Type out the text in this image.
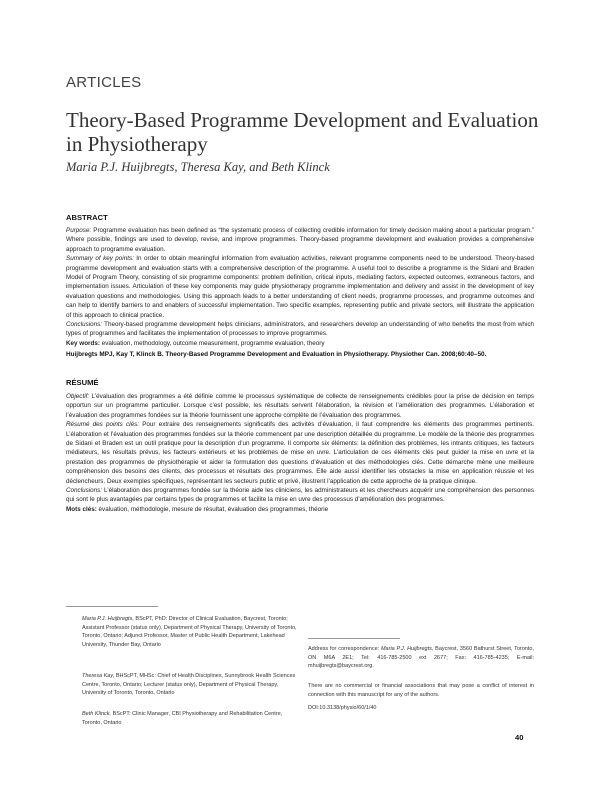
ARTICLES
Theory-Based Programme Development and Evaluation in Physiotherapy
Maria P.J. Huijbregts, Theresa Kay, and Beth Klinck
ABSTRACT

Purpose: Programme evaluation has been defined as “the systematic process of collecting credible information for timely decision making about a particular program.” Where possible, findings are used to develop, revise, and improve programmes. Theory-based programme development and evaluation provides a comprehensive approach to programme evaluation.

Summary of key points: In order to obtain meaningful information from evaluation activities, relevant programme components need to be understood. Theory-based programme development and evaluation starts with a comprehensive description of the programme. A useful tool to describe a programme is the Sidani and Braden Model of Program Theory, consisting of six programme components: problem definition, critical inputs, mediating factors, expected outcomes, extraneous factors, and implementation issues. Articulation of these key components may guide physiotherapy programme implementation and delivery and assist in the development of key evaluation questions and methodologies. Using this approach leads to a better understanding of client needs, programme processes, and programme outcomes and can help to identify barriers to and enablers of successful implementation. Two specific examples, representing public and private sectors, will illustrate the application of this approach to clinical practice.

Conclusions: Theory-based programme development helps clinicians, administrators, and researchers develop an understanding of who benefits the most from which types of programmes and facilitates the implementation of processes to improve programmes.

Key words: evaluation, methodology, outcome measurement, programme evaluation, theory

Huijbregts MPJ, Kay T, Klinck B. Theory-Based Programme Development and Evaluation in Physiotherapy. Physiother Can. 2008;60:40–50.
RÉSUMÉ

Objectif: L’évaluation des programmes a été définie comme le processus systématique de collecte de renseignements crédibles pour la prise de décision en temps opportun sur un programme particulier. Lorsque c’est possible, les résultats servent l’élaboration, la révision et l’amélioration des programmes. L’élaboration et l’évaluation des programmes fondées sur la théorie fournissent une approche complète de l’évaluation des programmes.

Résumé des points clés: Pour extraire des renseignements significatifs des activités d’évaluation, il faut comprendre les éléments des programmes pertinents. L’élaboration et l’évaluation des programmes fondées sur la théorie commencent par une description détaillée du programme. Le modèle de la théorie des programmes de Sidani et Braden est un outil pratique pour la description d’un programme. Il comporte six éléments: la définition des problèmes, les intrants critiques, les facteurs médiateurs, les résultats prévus, les facteurs extérieurs et les problèmes de mise en uvre. L’articulation de ces éléments clés peut guider la mise en uvre et la prestation des programmes de physiothérapie et aider la formulation des questions d’évaluation et des méthodologies clés. Cette démarche mène une meilleure compréhension des besoins des clients, des processus et résultats des programmes. Elle aide aussi identifier les obstacles la mise en application réussie et les déclencheurs. Deux exemples spécifiques, représentant les secteurs public et privé, illustrent l’application de cette approche de la pratique clinique.

Conclusions: L’élaboration des programmes fondée sur la théorie aide les cliniciens, les administrateurs et les chercheurs acquérir une compréhension des personnes qui sont le plus avantagées par certains types de programmes et facilite la mise en uvre des processus d’amélioration des programmes.

Mots clés: évaluation, méthodologie, mesure de résultat, évaluation des programmes, théorie

Maria P.J. Huijbregts, BScPT, PhD: Director of Clinical Evaluation, Baycrest, Toronto; Assistant Professor (status only), Department of Physical Therapy, University of Toronto, Toronto, Ontario; Adjunct Professor, Master of Public Health Department, Lakehead University, Thunder Bay, Ontario

Theresa Kay, BHScPT, MHSc: Chief of Health Disciplines, Sunnybrook Health Sciences Centre, Toronto, Ontario; Lecturer (status only), Department of Physical Therapy, University of Toronto, Toronto, Ontario

Beth Klinck, BScPT: Clinic Manager, CBI Physiotherapy and Rehabilitation Centre, Toronto, Ontario

Address for correspondence: Maria P.J. Huijbregts, Baycrest, 3560 Bathurst Street, Toronto, ON M6A 2E1; Tel: 416-785-2500 ext 2677; Fax: 416-785-4235; E-mail: mhuijbregts@baycrest.org.

There are no commercial or financial associations that may pose a conflict of interest in connection with this manuscript for any of the authors.

DOI:10.3138/physio/60/1/40

40
